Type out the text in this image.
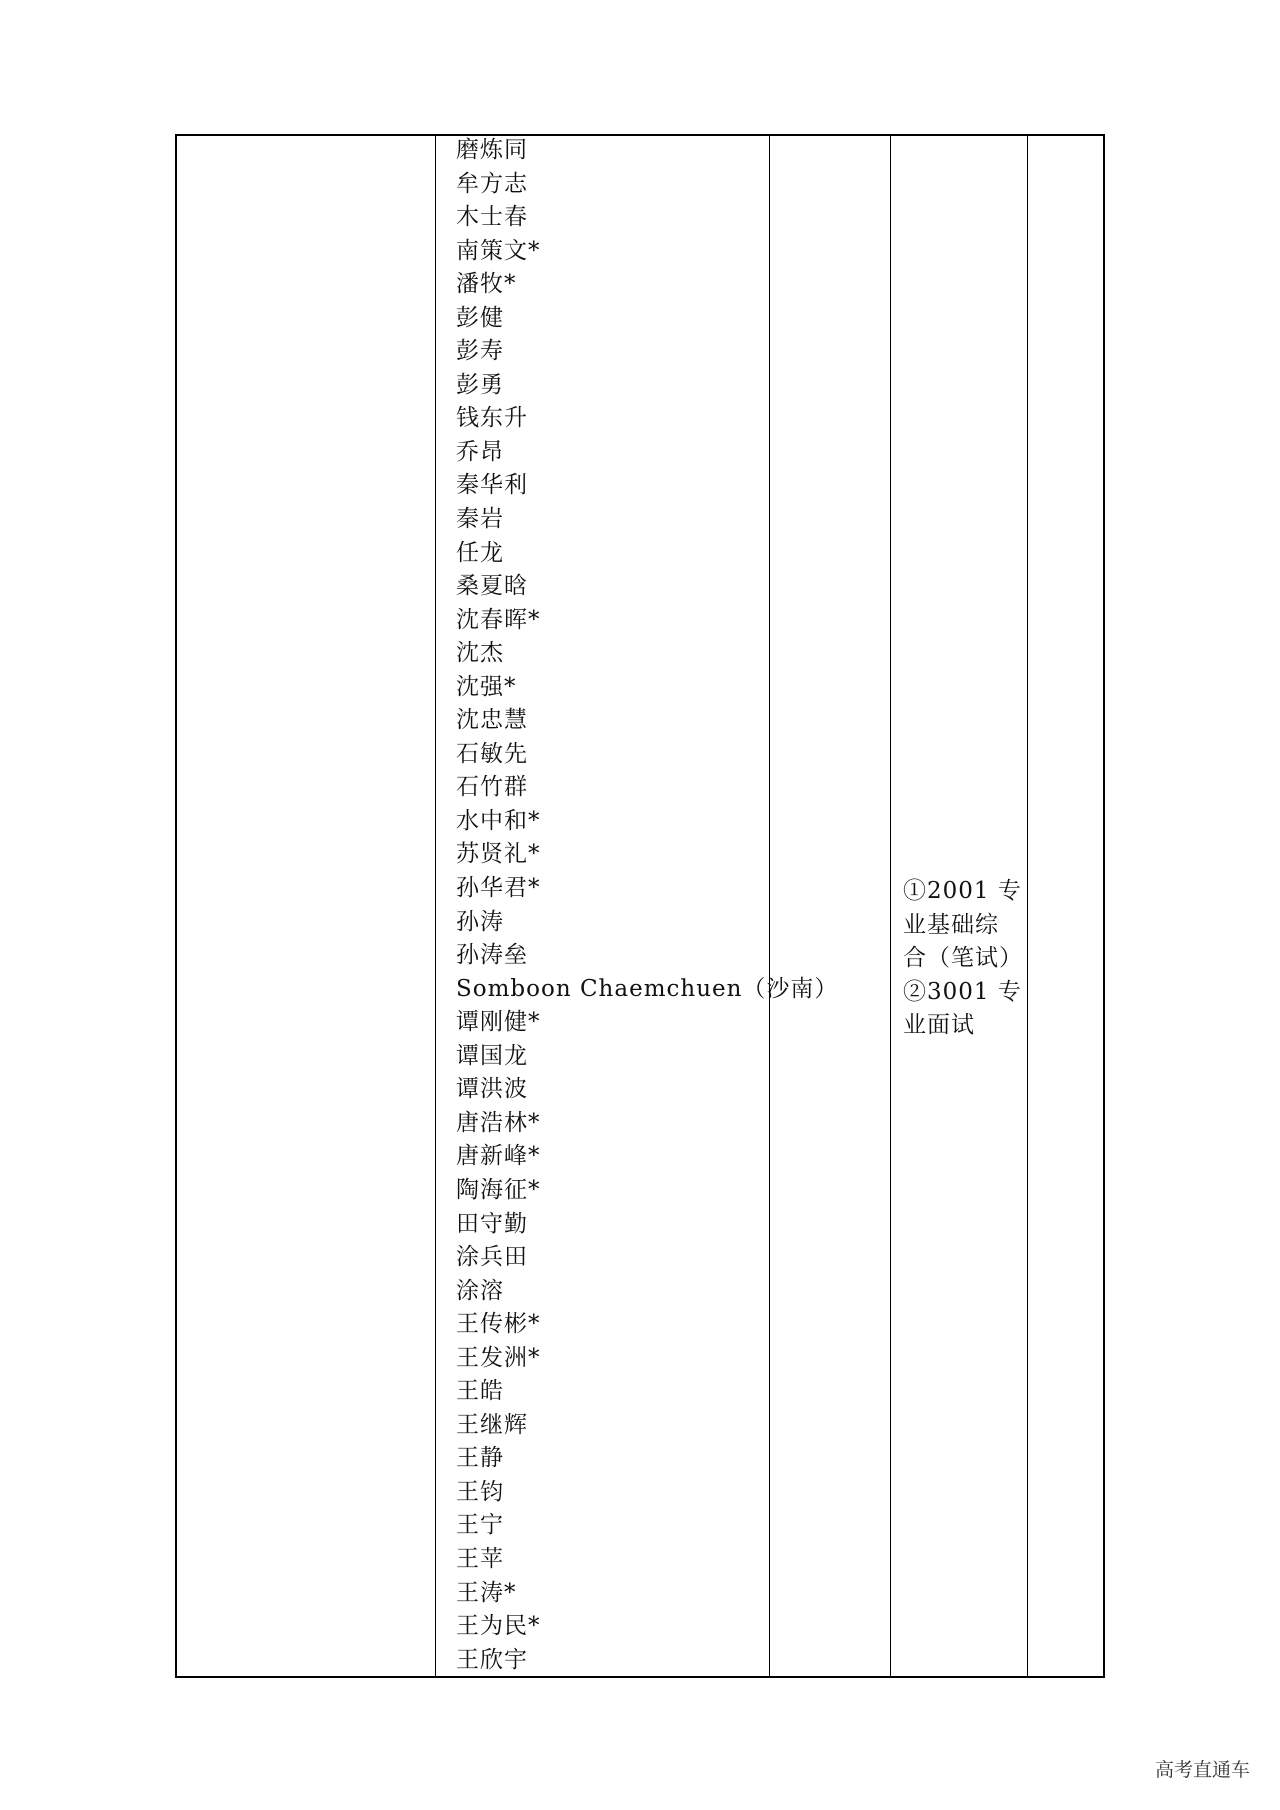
磨炼同
牟方志
木士春
南策文*
潘牧*
彭健
彭寿
彭勇
钱东升
乔昂
秦华利
秦岩
任龙
桑夏晗
沈春晖*
沈杰
沈强*
沈忠慧
石敏先
石竹群
水中和*
苏贤礼*
孙华君*
孙涛
孙涛垒
Somboon Chaemchuen（沙南）
谭刚健*
谭国龙
谭洪波
唐浩林*
唐新峰*
陶海征*
田守勤
涂兵田
涂溶
王传彬*
王发洲*
王皓
王继辉
王静
王钧
王宁
王苹
王涛*
王为民*
王欣宇
①2001 专
业基础综
合（笔试）
②3001 专
业面试
高考直通车
